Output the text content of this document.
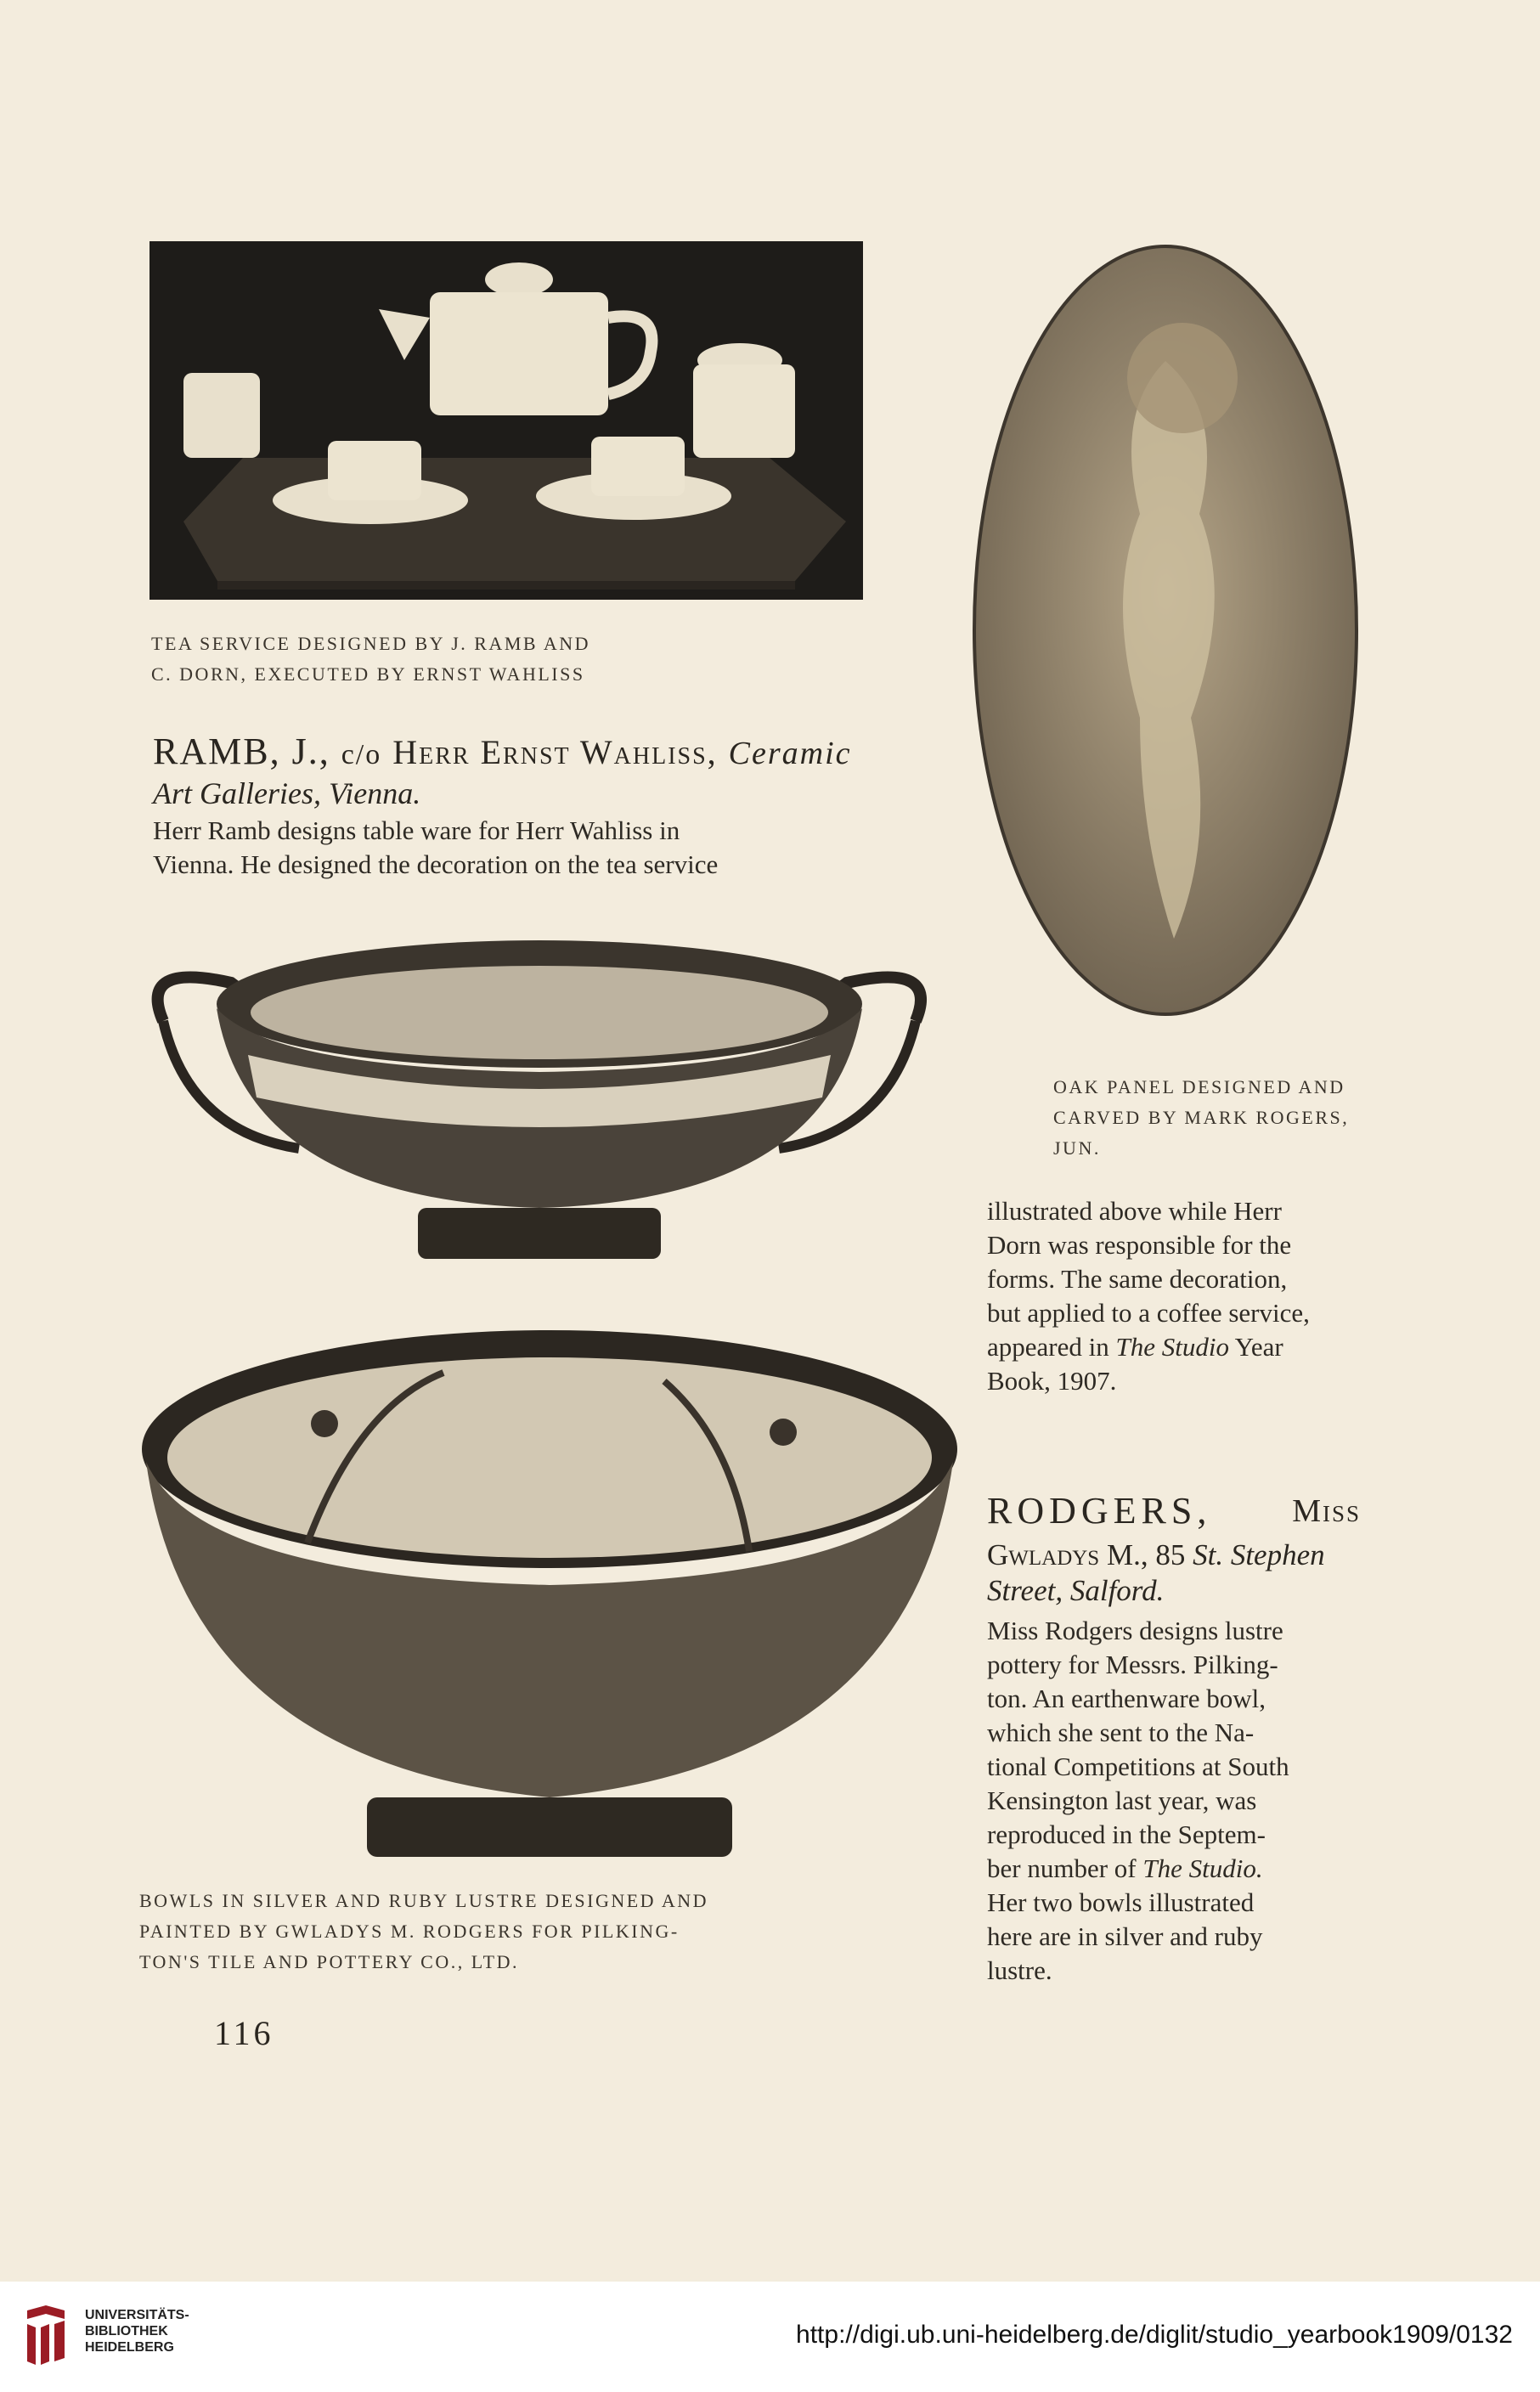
TEA SERVICE DESIGNED BY J. RAMB AND
C. DORN, EXECUTED BY ERNST WAHLISS
RAMB, J., c/o Herr Ernst Wahliss, Ceramic
Art Galleries, Vienna.
Herr Ramb designs table ware for Herr Wahliss in
Vienna. He designed the decoration on the tea service
OAK PANEL DESIGNED AND
CARVED BY MARK ROGERS,
JUN.
illustrated above while Herr
Dorn was responsible for the
forms. The same decoration,
but applied to a coffee service,
appeared in The Studio Year
Book, 1907.
BOWLS IN SILVER AND RUBY LUSTRE DESIGNED AND
PAINTED BY GWLADYS M. RODGERS FOR PILKING-
TON'S TILE AND POTTERY CO., LTD.
RODGERS, Miss
Gwladys M., 85 St. Stephen
Street, Salford.
Miss Rodgers designs lustre
pottery for Messrs. Pilking-
ton. An earthenware bowl,
which she sent to the Na-
tional Competitions at South
Kensington last year, was
reproduced in the Septem-
ber number of The Studio.
Her two bowls illustrated
here are in silver and ruby
lustre.
116
UNIVERSITÄTS-
BIBLIOTHEK
HEIDELBERG	http://digi.ub.uni-heidelberg.de/diglit/studio_yearbook1909/0132
